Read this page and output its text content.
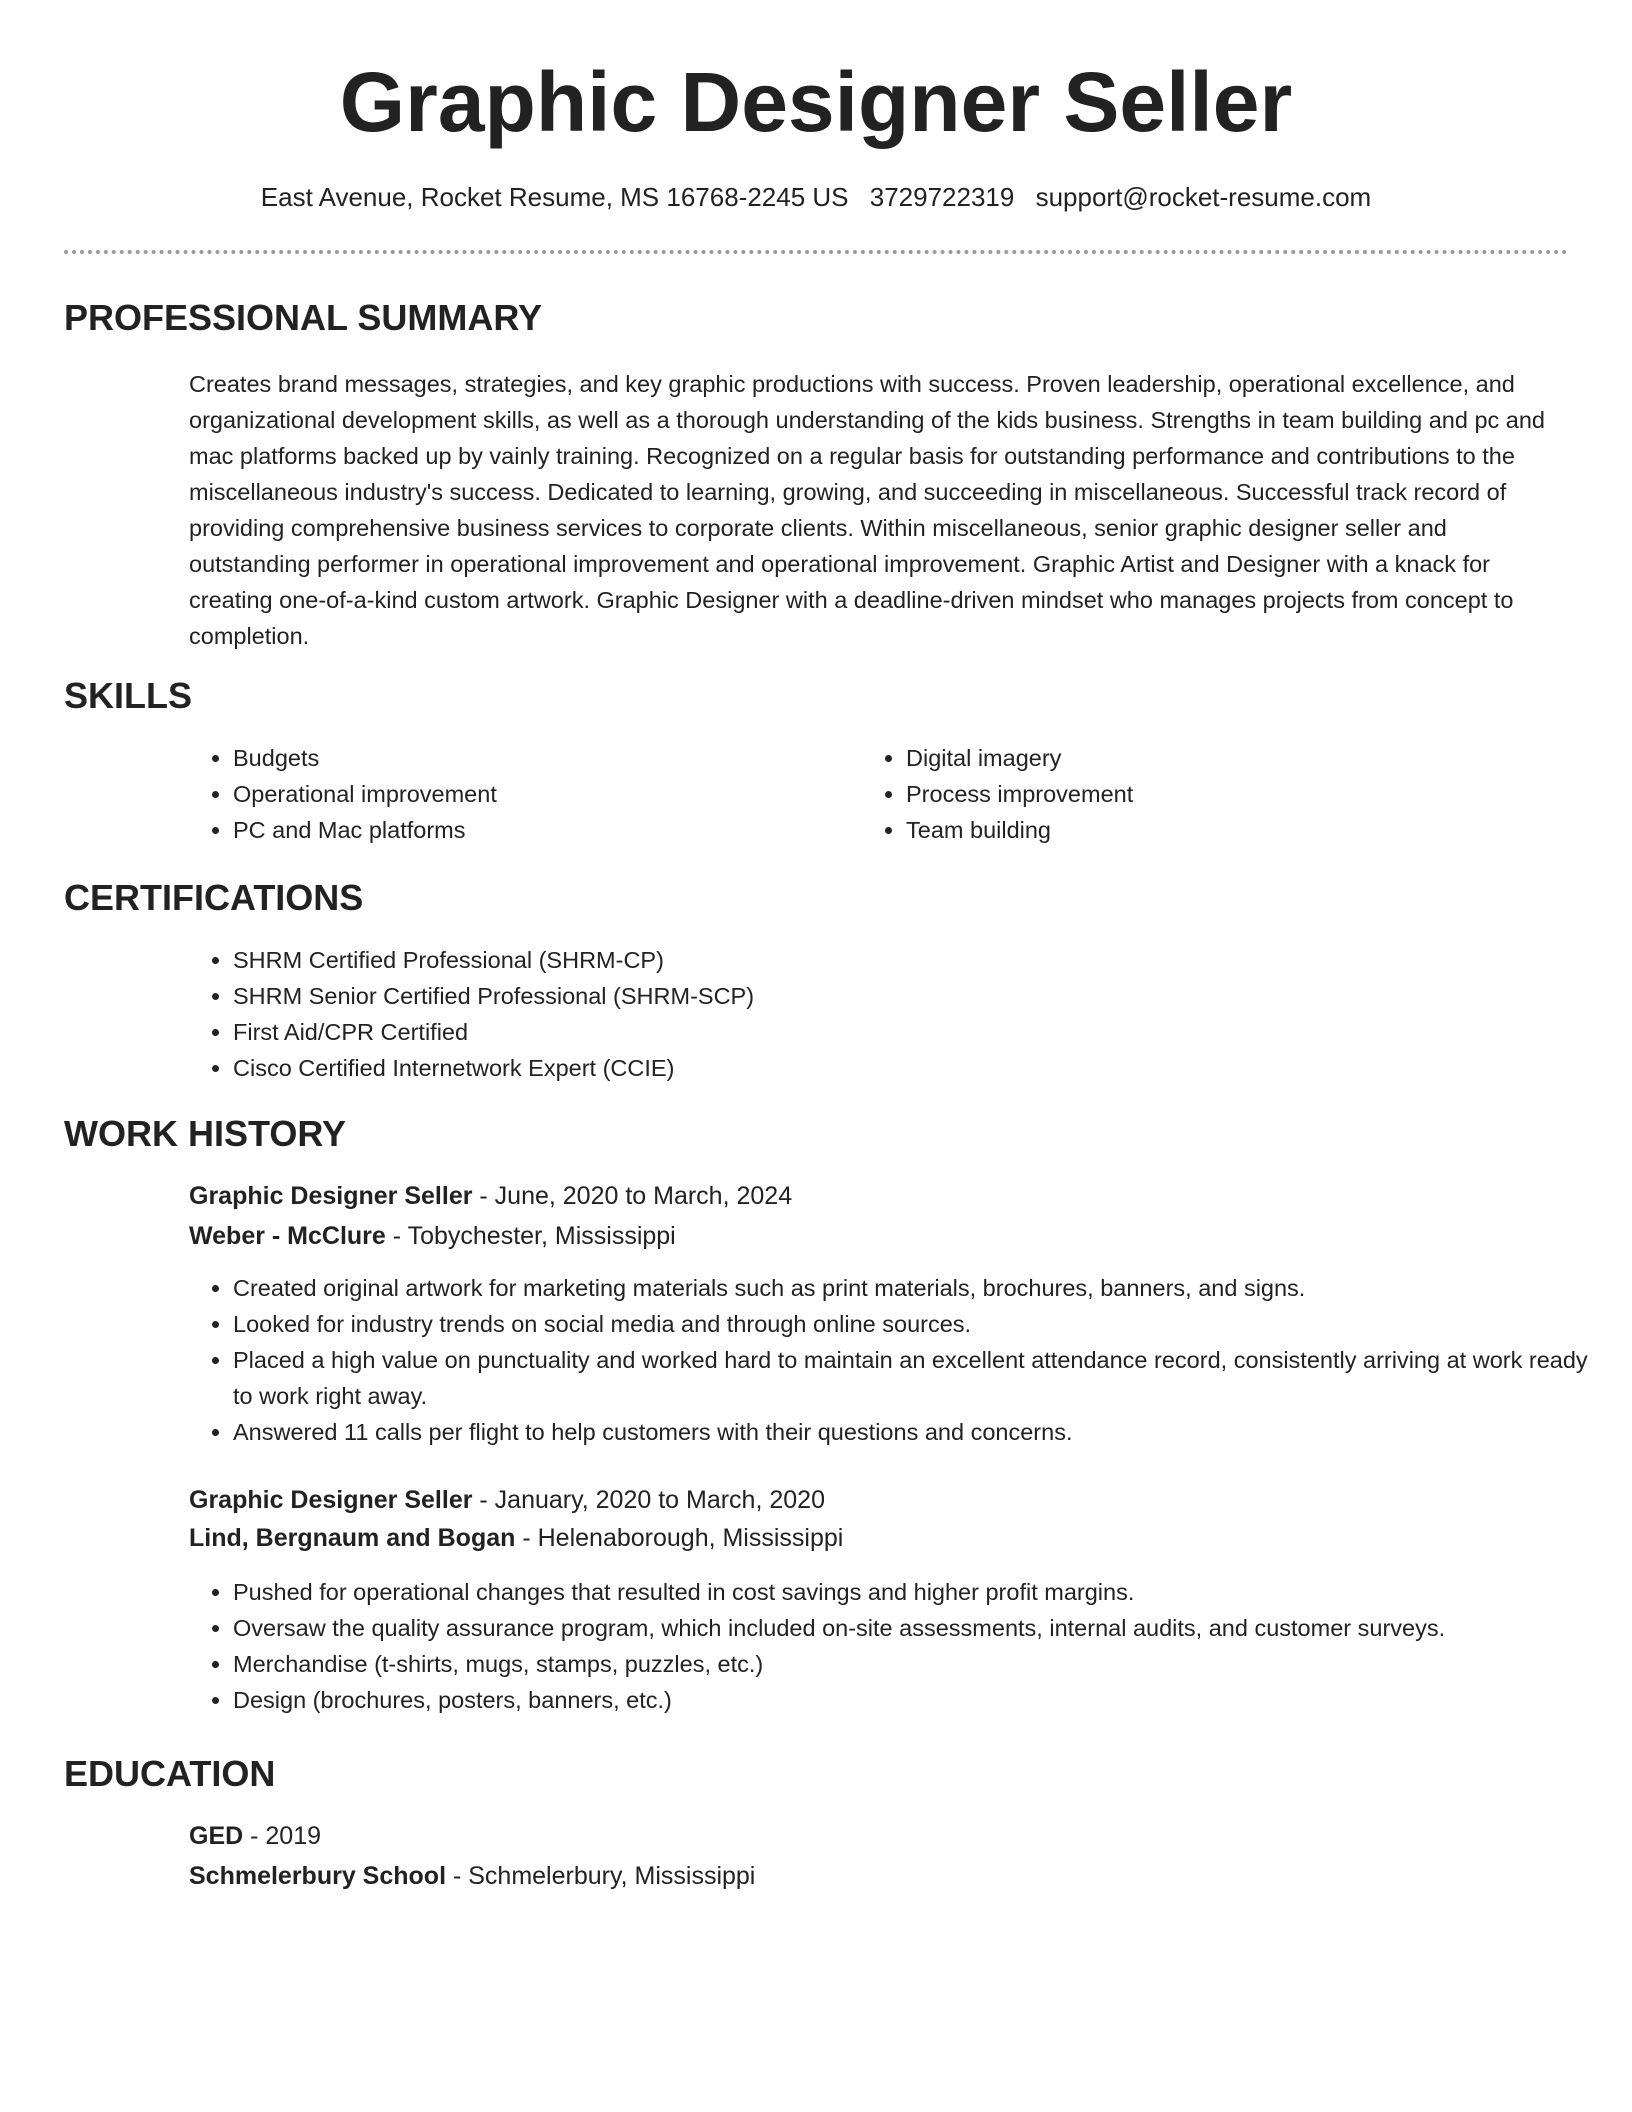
Graphic Designer Seller
East Avenue, Rocket Resume, MS 16768-2245 US 3729722319 support@rocket-resume.com
PROFESSIONAL SUMMARY

Creates brand messages, strategies, and key graphic productions with success. Proven leadership, operational excellence, and organizational development skills, as well as a thorough understanding of the kids business. Strengths in team building and pc and mac platforms backed up by vainly training. Recognized on a regular basis for outstanding performance and contributions to the miscellaneous industry's success. Dedicated to learning, growing, and succeeding in miscellaneous. Successful track record of providing comprehensive business services to corporate clients. Within miscellaneous, senior graphic designer seller and outstanding performer in operational improvement and operational improvement. Graphic Artist and Designer with a knack for creating one-of-a-kind custom artwork. Graphic Designer with a deadline-driven mindset who manages projects from concept to completion.

SKILLS
• Budgets
• Operational improvement
• PC and Mac platforms
• Digital imagery
• Process improvement
• Team building
CERTIFICATIONS
• SHRM Certified Professional (SHRM-CP)
• SHRM Senior Certified Professional (SHRM-SCP)
• First Aid/CPR Certified
• Cisco Certified Internetwork Expert (CCIE)
WORK HISTORY
Graphic Designer Seller - June, 2020 to March, 2024
Weber - McClure - Tobychester, Mississippi
• Created original artwork for marketing materials such as print materials, brochures, banners, and signs.
• Looked for industry trends on social media and through online sources.
• Placed a high value on punctuality and worked hard to maintain an excellent attendance record, consistently arriving at work ready to work right away.
• Answered 11 calls per flight to help customers with their questions and concerns.
Graphic Designer Seller - January, 2020 to March, 2020
Lind, Bergnaum and Bogan - Helenaborough, Mississippi
• Pushed for operational changes that resulted in cost savings and higher profit margins.
• Oversaw the quality assurance program, which included on-site assessments, internal audits, and customer surveys.
• Merchandise (t-shirts, mugs, stamps, puzzles, etc.)
• Design (brochures, posters, banners, etc.)
EDUCATION
GED - 2019
Schmelerbury School - Schmelerbury, Mississippi
